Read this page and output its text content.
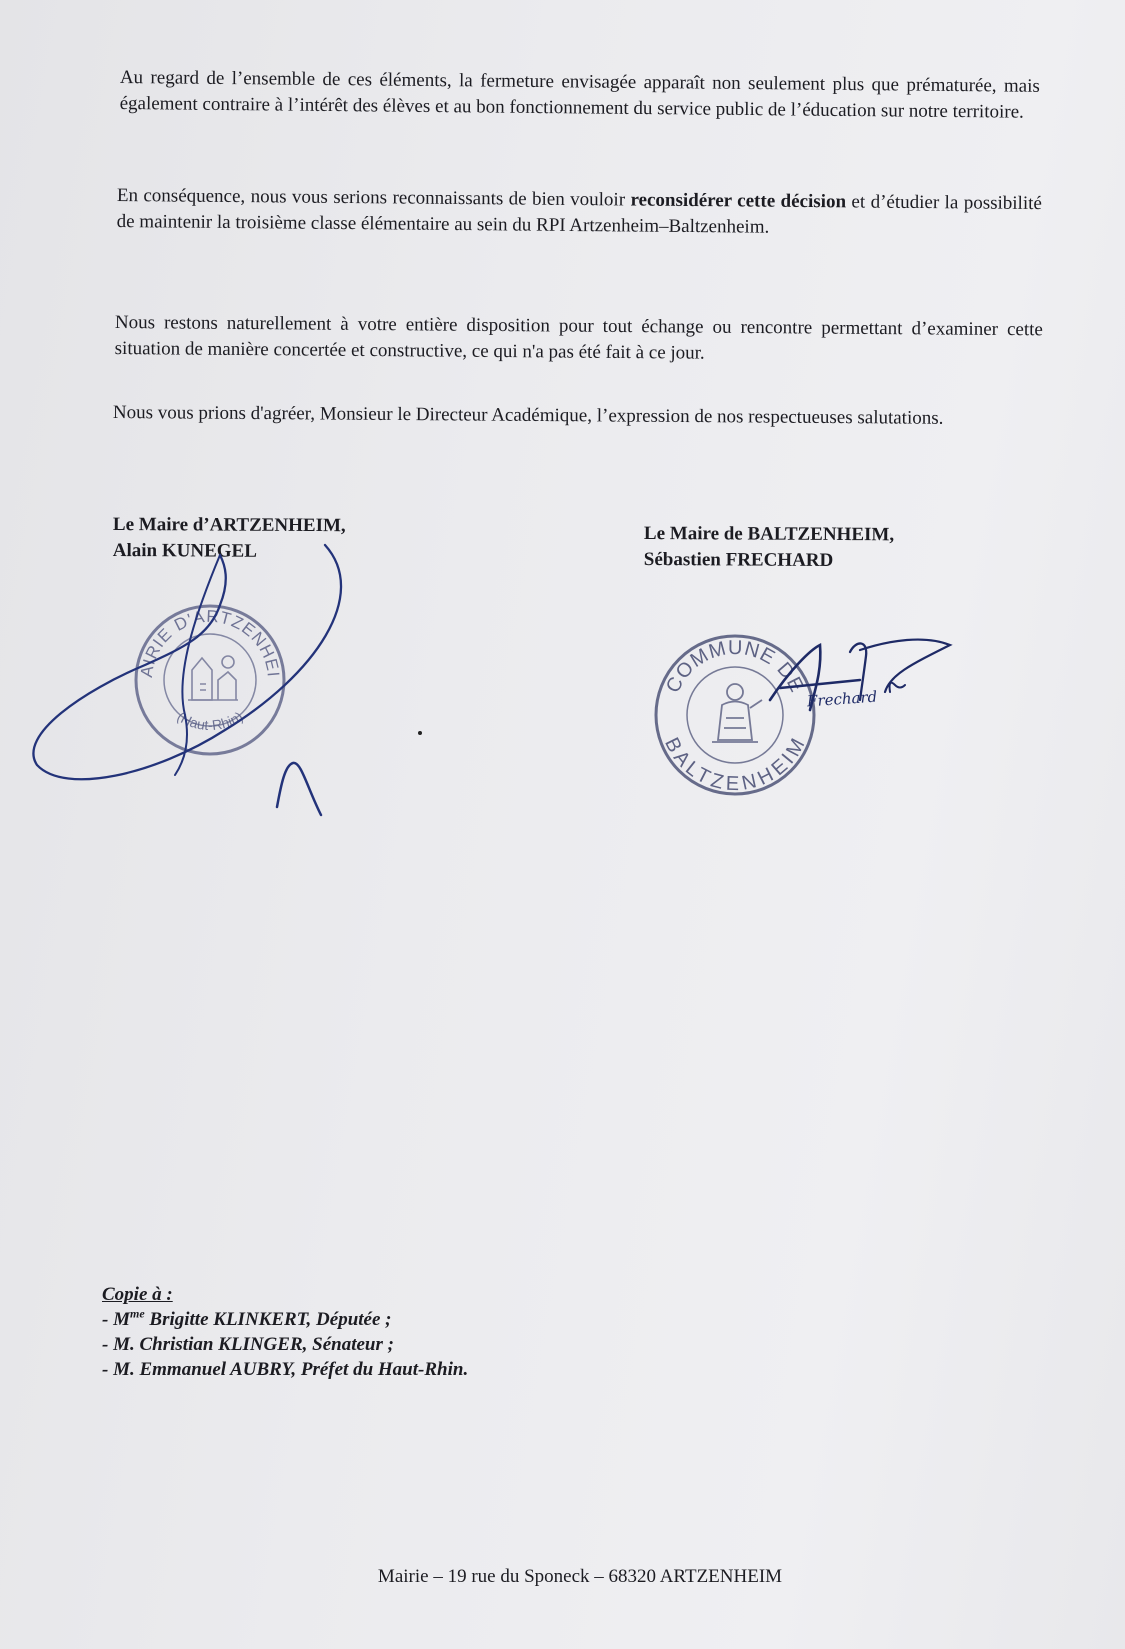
Au regard de l’ensemble de ces éléments, la fermeture envisagée apparaît non seulement plus que prématurée, mais également contraire à l’intérêt des élèves et au bon fonctionnement du service public de l’éducation sur notre territoire.

En conséquence, nous vous serions reconnaissants de bien vouloir reconsidérer cette décision et d’étudier la possibilité de maintenir la troisième classe élémentaire au sein du RPI Artzenheim–Baltzenheim.

Nous restons naturellement à votre entière disposition pour tout échange ou rencontre permettant d’examiner cette situation de manière concertée et constructive, ce qui n'a pas été fait à ce jour.

Nous vous prions d'agréer, Monsieur le Directeur Académique, l’expression de nos respectueuses salutations.

Le Maire d’ARTZENHEIM,
Alain KUNEGEL
Le Maire de BALTZENHEIM,
Sébastien FRECHARD
MAIRIE D'ARTZENHEIM
(Haut-Rhin)
COMMUNE DE
BALTZENHEIM
Frechard
Copie à :
- $M^{me}$ Brigitte KLINKERT, Députée ;
- M. Christian KLINGER, Sénateur ;
- M. Emmanuel AUBRY, Préfet du Haut-Rhin.
Mairie – 19 rue du Sponeck – 68320 ARTZENHEIM
